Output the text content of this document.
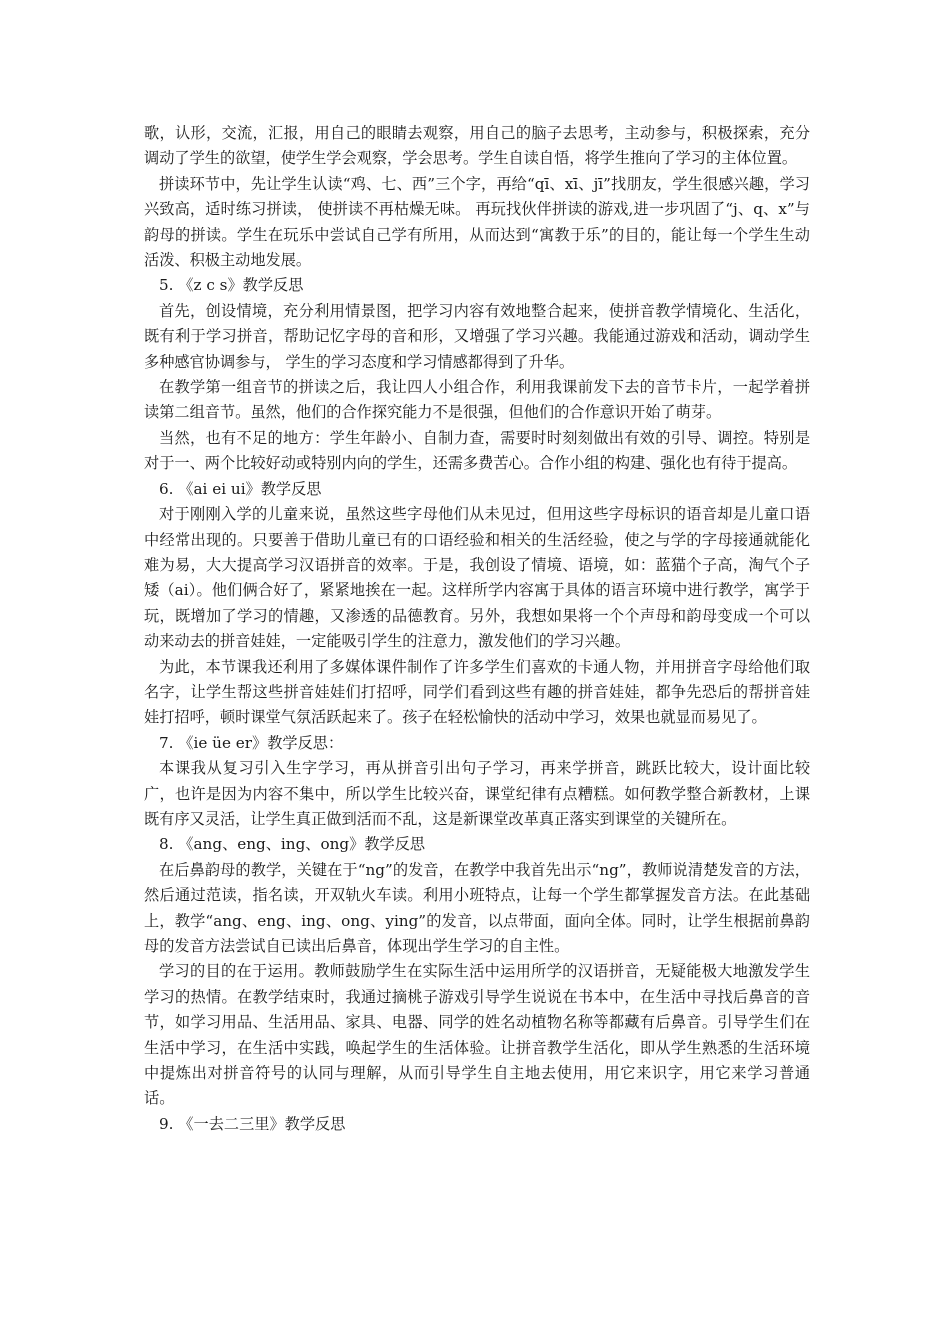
歌，认形，交流，汇报，用自己的眼睛去观察，用自己的脑子去思考，主动参与，积极探索，充分调动了学生的欲望，使学生学会观察，学会思考。学生自读自悟，将学生推向了学习的主体位置。

拼读环节中，先让学生认读“鸡、七、西”三个字，再给“qī、xī、jī”找朋友，学生很感兴趣，学习兴致高，适时练习拼读， 使拼读不再枯燥无味。 再玩找伙伴拼读的游戏,进一步巩固了“j、q、x”与韵母的拼读。学生在玩乐中尝试自己学有所用，从而达到“寓教于乐”的目的，能让每一个学生生动活泼、积极主动地发展。

5. 《z c s》教学反思

首先，创设情境，充分利用情景图，把学习内容有效地整合起来，使拼音教学情境化、生活化，既有利于学习拼音，帮助记忆字母的音和形，又增强了学习兴趣。我能通过游戏和活动，调动学生多种感官协调参与， 学生的学习态度和学习情感都得到了升华。

在教学第一组音节的拼读之后，我让四人小组合作，利用我课前发下去的音节卡片，一起学着拼读第二组音节。虽然，他们的合作探究能力不是很强，但他们的合作意识开始了萌芽。

当然，也有不足的地方：学生年龄小、自制力查，需要时时刻刻做出有效的引导、调控。特别是对于一、两个比较好动或特别内向的学生，还需多费苦心。合作小组的构建、强化也有待于提高。

6. 《ai ei ui》教学反思

对于刚刚入学的儿童来说，虽然这些字母他们从未见过，但用这些字母标识的语音却是儿童口语中经常出现的。只要善于借助儿童已有的口语经验和相关的生活经验，使之与学的字母接通就能化难为易，大大提高学习汉语拼音的效率。于是，我创设了情境、语境，如：蓝猫个子高，淘气个子矮（ai）。他们俩合好了，紧紧地挨在一起。这样所学内容寓于具体的语言环境中进行教学，寓学于玩，既增加了学习的情趣，又渗透的品德教育。另外，我想如果将一个个声母和韵母变成一个可以动来动去的拼音娃娃，一定能吸引学生的注意力，激发他们的学习兴趣。

为此，本节课我还利用了多媒体课件制作了许多学生们喜欢的卡通人物，并用拼音字母给他们取名字，让学生帮这些拼音娃娃们打招呼，同学们看到这些有趣的拼音娃娃，都争先恐后的帮拼音娃娃打招呼，顿时课堂气氛活跃起来了。孩子在轻松愉快的活动中学习，效果也就显而易见了。

7. 《ie üe er》教学反思：

本课我从复习引入生字学习，再从拼音引出句子学习，再来学拼音，跳跃比较大，设计面比较广，也许是因为内容不集中，所以学生比较兴奋，课堂纪律有点糟糕。如何教学整合新教材，上课既有序又灵活，让学生真正做到活而不乱，这是新课堂改革真正落实到课堂的关键所在。

8. 《ang、eng、ing、ong》教学反思

在后鼻韵母的教学，关键在于“ng”的发音，在教学中我首先出示“ng”，教师说清楚发音的方法，然后通过范读，指名读，开双轨火车读。利用小班特点，让每一个学生都掌握发音方法。在此基础上，教学“ang、eng、ing、ong、ying”的发音，以点带面，面向全体。同时，让学生根据前鼻韵母的发音方法尝试自已读出后鼻音，体现出学生学习的自主性。

学习的目的在于运用。教师鼓励学生在实际生活中运用所学的汉语拼音，无疑能极大地激发学生学习的热情。在教学结束时，我通过摘桃子游戏引导学生说说在书本中，在生活中寻找后鼻音的音节，如学习用品、生活用品、家具、电器、同学的姓名动植物名称等都藏有后鼻音。引导学生们在生活中学习，在生活中实践，唤起学生的生活体验。让拼音教学生活化，即从学生熟悉的生活环境中提炼出对拼音符号的认同与理解，从而引导学生自主地去使用，用它来识字，用它来学习普通话。

9. 《一去二三里》教学反思
